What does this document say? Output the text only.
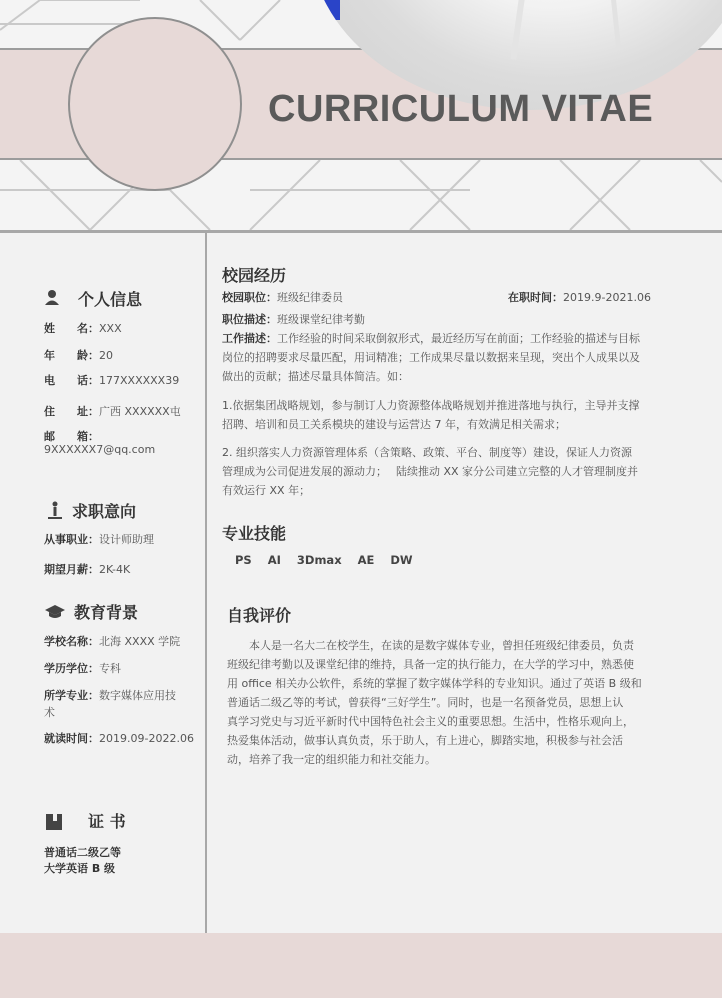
CURRICULUM VITAE
个人信息
姓　　名：XXX
年　　龄：20
电　　话：177XXXXXX39
住　　址：广西 XXXXXX屯
邮　　箱：
9XXXXXX7@qq.com
求职意向
从事职业：设计师助理
期望月薪：2K-4K
教育背景
学校名称：北海 XXXX 学院
学历学位：专科
所学专业：数字媒体应用技
术
就读时间：2019.09-2022.06
证 书
普通话二级乙等
大学英语 B 级
校园经历
校园职位：班级纪律委员	在职时间：2019.9-2021.06
职位描述：班级课堂纪律考勤
工作描述：工作经验的时间采取倒叙形式，最近经历写在前面；工作经验的描述与目标
岗位的招聘要求尽量匹配，用词精准；工作成果尽量以数据来呈现，突出个人成果以及
做出的贡献；描述尽量具体简洁。如：
1.依据集团战略规划，参与制订人力资源整体战略规划并推进落地与执行，主导并支撑
招聘、培训和员工关系模块的建设与运营达 7 年，有效满足相关需求；
2. 组织落实人力资源管理体系（含策略、政策、平台、制度等）建设，保证人力资源
管理成为公司促进发展的源动力；　 陆续推动 XX 家分公司建立完整的人才管理制度并
有效运行 XX 年；
专业技能
PS AI 3Dmax AE DW
自我评价
　　本人是一名大二在校学生，在读的是数字媒体专业，曾担任班级纪律委员，负责
班级纪律考勤以及课堂纪律的维持，具备一定的执行能力，在大学的学习中，熟悉使
用 office 相关办公软件，系统的掌握了数字媒体学科的专业知识。通过了英语 B 级和
普通话二级乙等的考试，曾获得“三好学生”。同时，也是一名预备党员，思想上认
真学习党史与习近平新时代中国特色社会主义的重要思想。生活中，性格乐观向上，
热爱集体活动，做事认真负责，乐于助人，有上进心，脚踏实地，积极参与社会活
动，培养了我一定的组织能力和社交能力。
